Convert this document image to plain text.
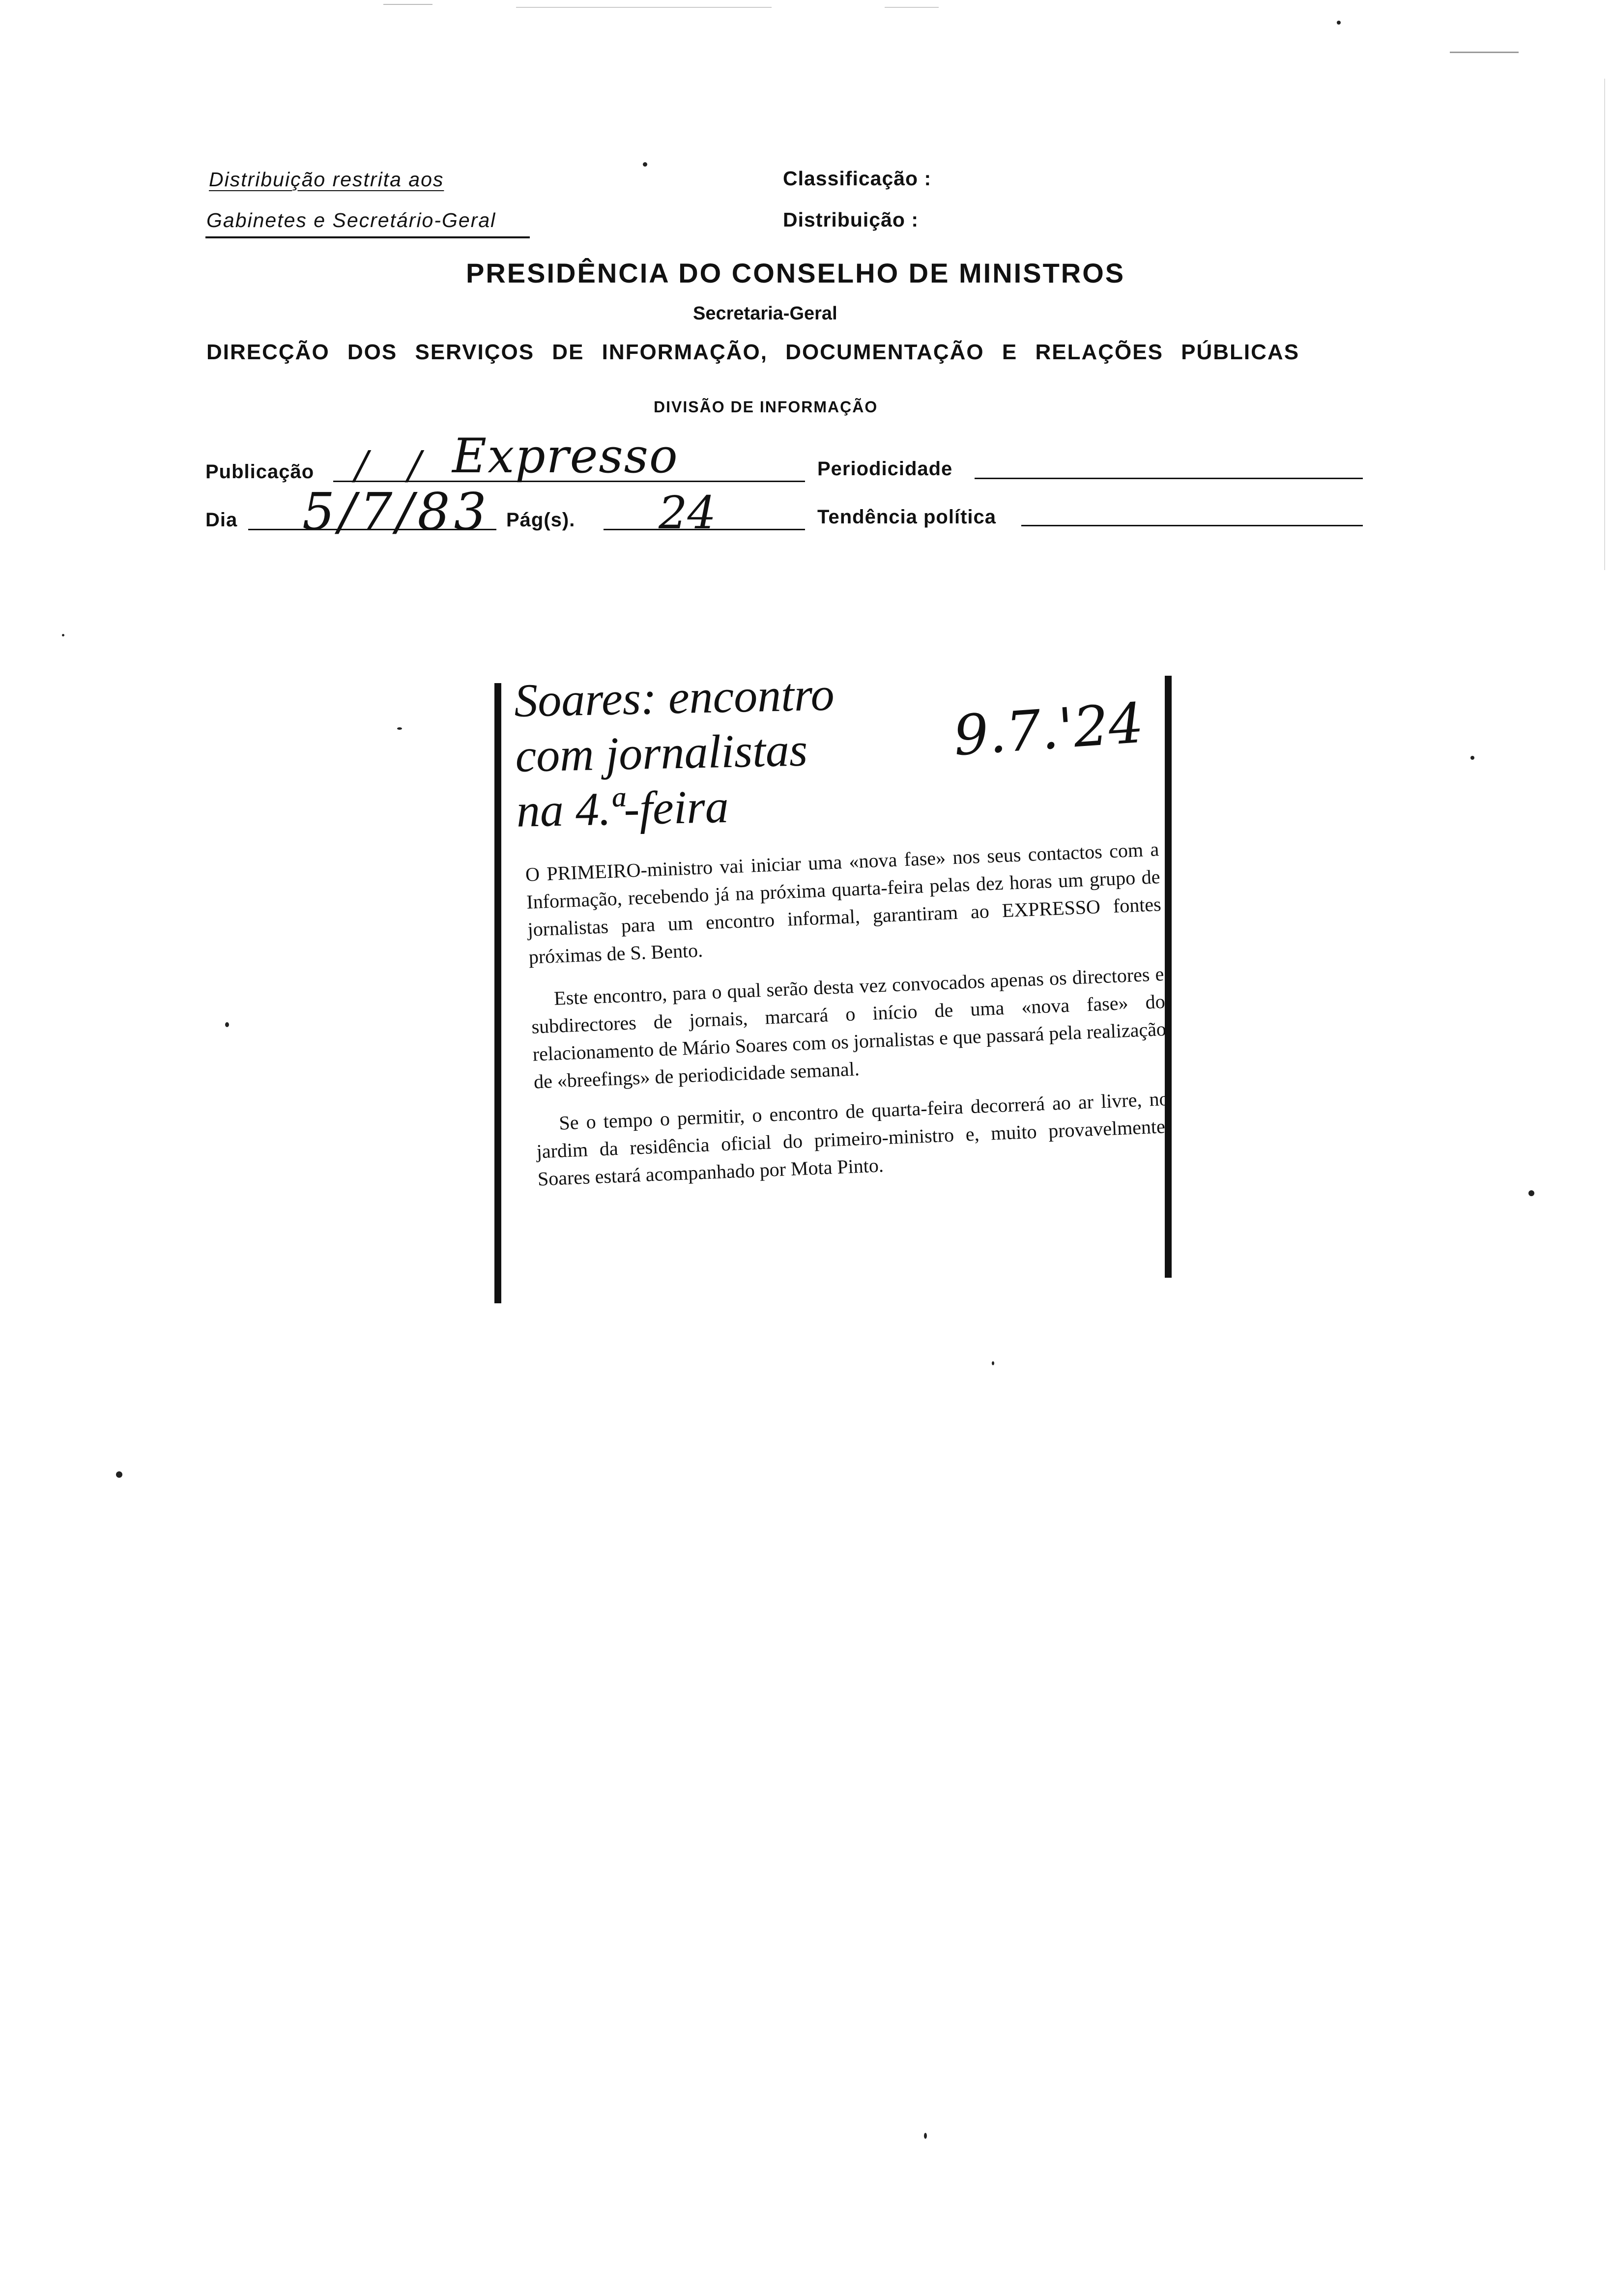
Distribuição restrita aos
Gabinetes e Secretário-Geral
Classificação :
Distribuição :
PRESIDÊNCIA DO CONSELHO DE MINISTROS
Secretaria-Geral
DIRECÇÃO DOS SERVIÇOS DE INFORMAÇÃO, DOCUMENTAÇÃO E RELAÇÕES PÚBLICAS
DIVISÃO DE INFORMAÇÃO
Publicação / / Expresso	Periodicidade
Dia 5/7/83 Pág(s). 24	Tendência política
Soares: encontro
com jornalistas
na 4.ª-feira
9.7.'24

O PRIMEIRO-ministro vai iniciar uma «nova fase» nos seus contactos com a Informação, recebendo já na próxima quarta-feira pelas dez horas um grupo de jornalistas para um encontro informal, garantiram ao EXPRESSO fontes próximas de S. Bento.

Este encontro, para o qual serão desta vez convocados apenas os directores e subdirectores de jornais, marcará o início de uma «nova fase» do relacionamento de Mário Soares com os jornalistas e que passará pela realização de «breefings» de periodicidade semanal.

Se o tempo o permitir, o encontro de quarta-feira decorrerá ao ar livre, no jardim da residência oficial do primeiro-ministro e, muito provavelmente, Soares estará acompanhado por Mota Pinto.
